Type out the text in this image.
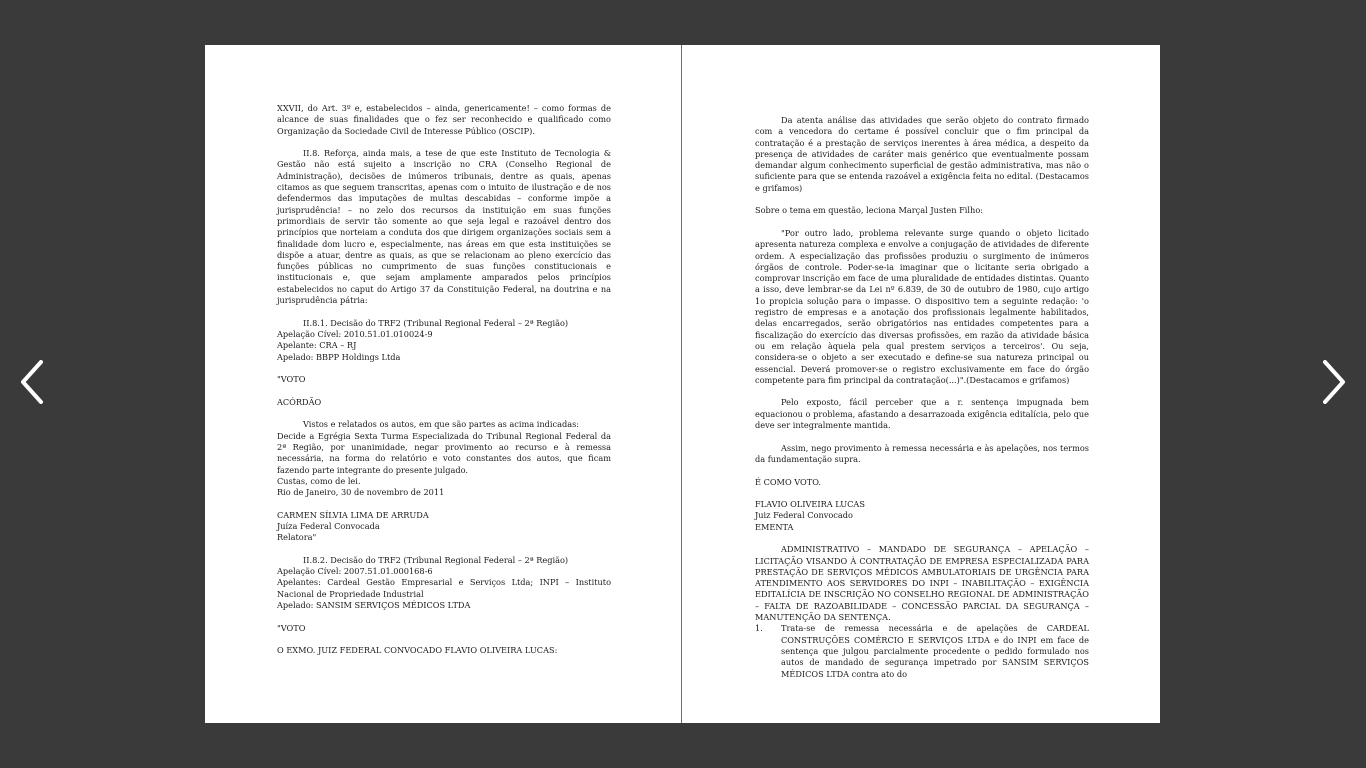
XXVII, do Art. 3º e, estabelecidos – ainda, genericamente! – como formas de alcance de suas finalidades que o fez ser reconhecido e qualificado como Organização da Sociedade Civil de Interesse Público (OSCIP).

II.8. Reforça, ainda mais, a tese de que este Instituto de Tecnologia & Gestão não está sujeito a inscrição no CRA (Conselho Regional de Administração), decisões de inúmeros tribunais, dentre as quais, apenas citamos as que seguem transcritas, apenas com o intuito de ilustração e de nos defendermos das imputações de multas descabidas – conforme impõe a jurisprudência! – no zelo dos recursos da instituição em suas funções primordiais de servir tão somente ao que seja legal e razoável dentro dos princípios que norteiam a conduta dos que dirigem organizações sociais sem a finalidade dom lucro e, especialmente, nas áreas em que esta instituições se dispõe a atuar, dentre as quais, as que se relacionam ao pleno exercício das funções públicas no cumprimento de suas funções constitucionais e institucionais e, que sejam amplamente amparados pelos princípios estabelecidos no caput do Artigo 37 da Constituição Federal, na doutrina e na jurisprudência pátria:

II.8.1. Decisão do TRF2 (Tribunal Regional Federal – 2ª Região)

Apelação Cível: 2010.51.01.010024-9

Apelante: CRA – RJ

Apelado: BBPP Holdings Ltda

"VOTO

ACÓRDÃO

Vistos e relatados os autos, em que são partes as acima indicadas:

Decide a Egrégia Sexta Turma Especializada do Tribunal Regional Federal da 2ª Região, por unanimidade, negar provimento ao recurso e à remessa necessária, na forma do relatório e voto constantes dos autos, que ficam fazendo parte integrante do presente julgado.

Custas, como de lei.

Rio de Janeiro, 30 de novembro de 2011

CARMEN SÍLVIA LIMA DE ARRUDA

Juíza Federal Convocada

Relatora"

II.8.2. Decisão do TRF2 (Tribunal Regional Federal – 2ª Região)

Apelação Cível: 2007.51.01.000168-6

Apelantes: Cardeal Gestão Empresarial e Serviços Ltda; INPI – Instituto Nacional de Propriedade Industrial

Apelado: SANSIM SERVIÇOS MÉDICOS LTDA

"VOTO

O EXMO. JUIZ FEDERAL CONVOCADO FLAVIO OLIVEIRA LUCAS:

Da atenta análise das atividades que serão objeto do contrato firmado com a vencedora do certame é possível concluir que o fim principal da contratação é a prestação de serviços inerentes à área médica, a despeito da presença de atividades de caráter mais genérico que eventualmente possam demandar algum conhecimento superficial de gestão administrativa, mas não o suficiente para que se entenda razoável a exigência feita no edital. (Destacamos e grifamos)

Sobre o tema em questão, leciona Marçal Justen Filho:

"Por outro lado, problema relevante surge quando o objeto licitado apresenta natureza complexa e envolve a conjugação de atividades de diferente ordem. A especialização das profissões produziu o surgimento de inúmeros órgãos de controle. Poder-se-ia imaginar que o licitante seria obrigado a comprovar inscrição em face de uma pluralidade de entidades distintas. Quanto a isso, deve lembrar-se da Lei nº 6.839, de 30 de outubro de 1980, cujo artigo 1o propicia solução para o impasse. O dispositivo tem a seguinte redação: 'o registro de empresas e a anotação dos profissionais legalmente habilitados, delas encarregados, serão obrigatórios nas entidades competentes para a fiscalização do exercício das diversas profissões, em razão da atividade básica ou em relação àquela pela qual prestem serviços a terceiros'. Ou seja, considera-se o objeto a ser executado e define-se sua natureza principal ou essencial. Deverá promover-se o registro exclusivamente em face do órgão competente para fim principal da contratação(...)".(Destacamos e grifamos)

Pelo exposto, fácil perceber que a r. sentença impugnada bem equacionou o problema, afastando a desarrazoada exigência editalícia, pelo que deve ser integralmente mantida.

Assim, nego provimento à remessa necessária e às apelações, nos termos da fundamentação supra.

É COMO VOTO.

FLAVIO OLIVEIRA LUCAS

Juiz Federal Convocado

EMENTA

ADMINISTRATIVO – MANDADO DE SEGURANÇA – APELAÇÃO –LICITAÇÃO VISANDO À CONTRATAÇÃO DE EMPRESA ESPECIALIZADA PARA PRESTAÇÃO DE SERVIÇOS MÉDICOS AMBULATORIAIS DE URGÊNCIA PARA ATENDIMENTO AOS SERVIDORES DO INPI – INABILITAÇÃO – EXIGÊNCIA EDITALÍCIA DE INSCRIÇÃO NO CONSELHO REGIONAL DE ADMINISTRAÇÃO – FALTA DE RAZOABILIDADE – CONCESSÃO PARCIAL DA SEGURANÇA – MANUTENÇÃO DA SENTENÇA.

1.	Trata-se de remessa necessária e de apelações de CARDEAL CONSTRUÇÕES COMÉRCIO E SERVIÇOS LTDA e do INPI em face de sentença que julgou parcialmente procedente o pedido formulado nos autos de mandado de segurança impetrado por SANSIM SERVIÇOS MÉDICOS LTDA contra ato do
